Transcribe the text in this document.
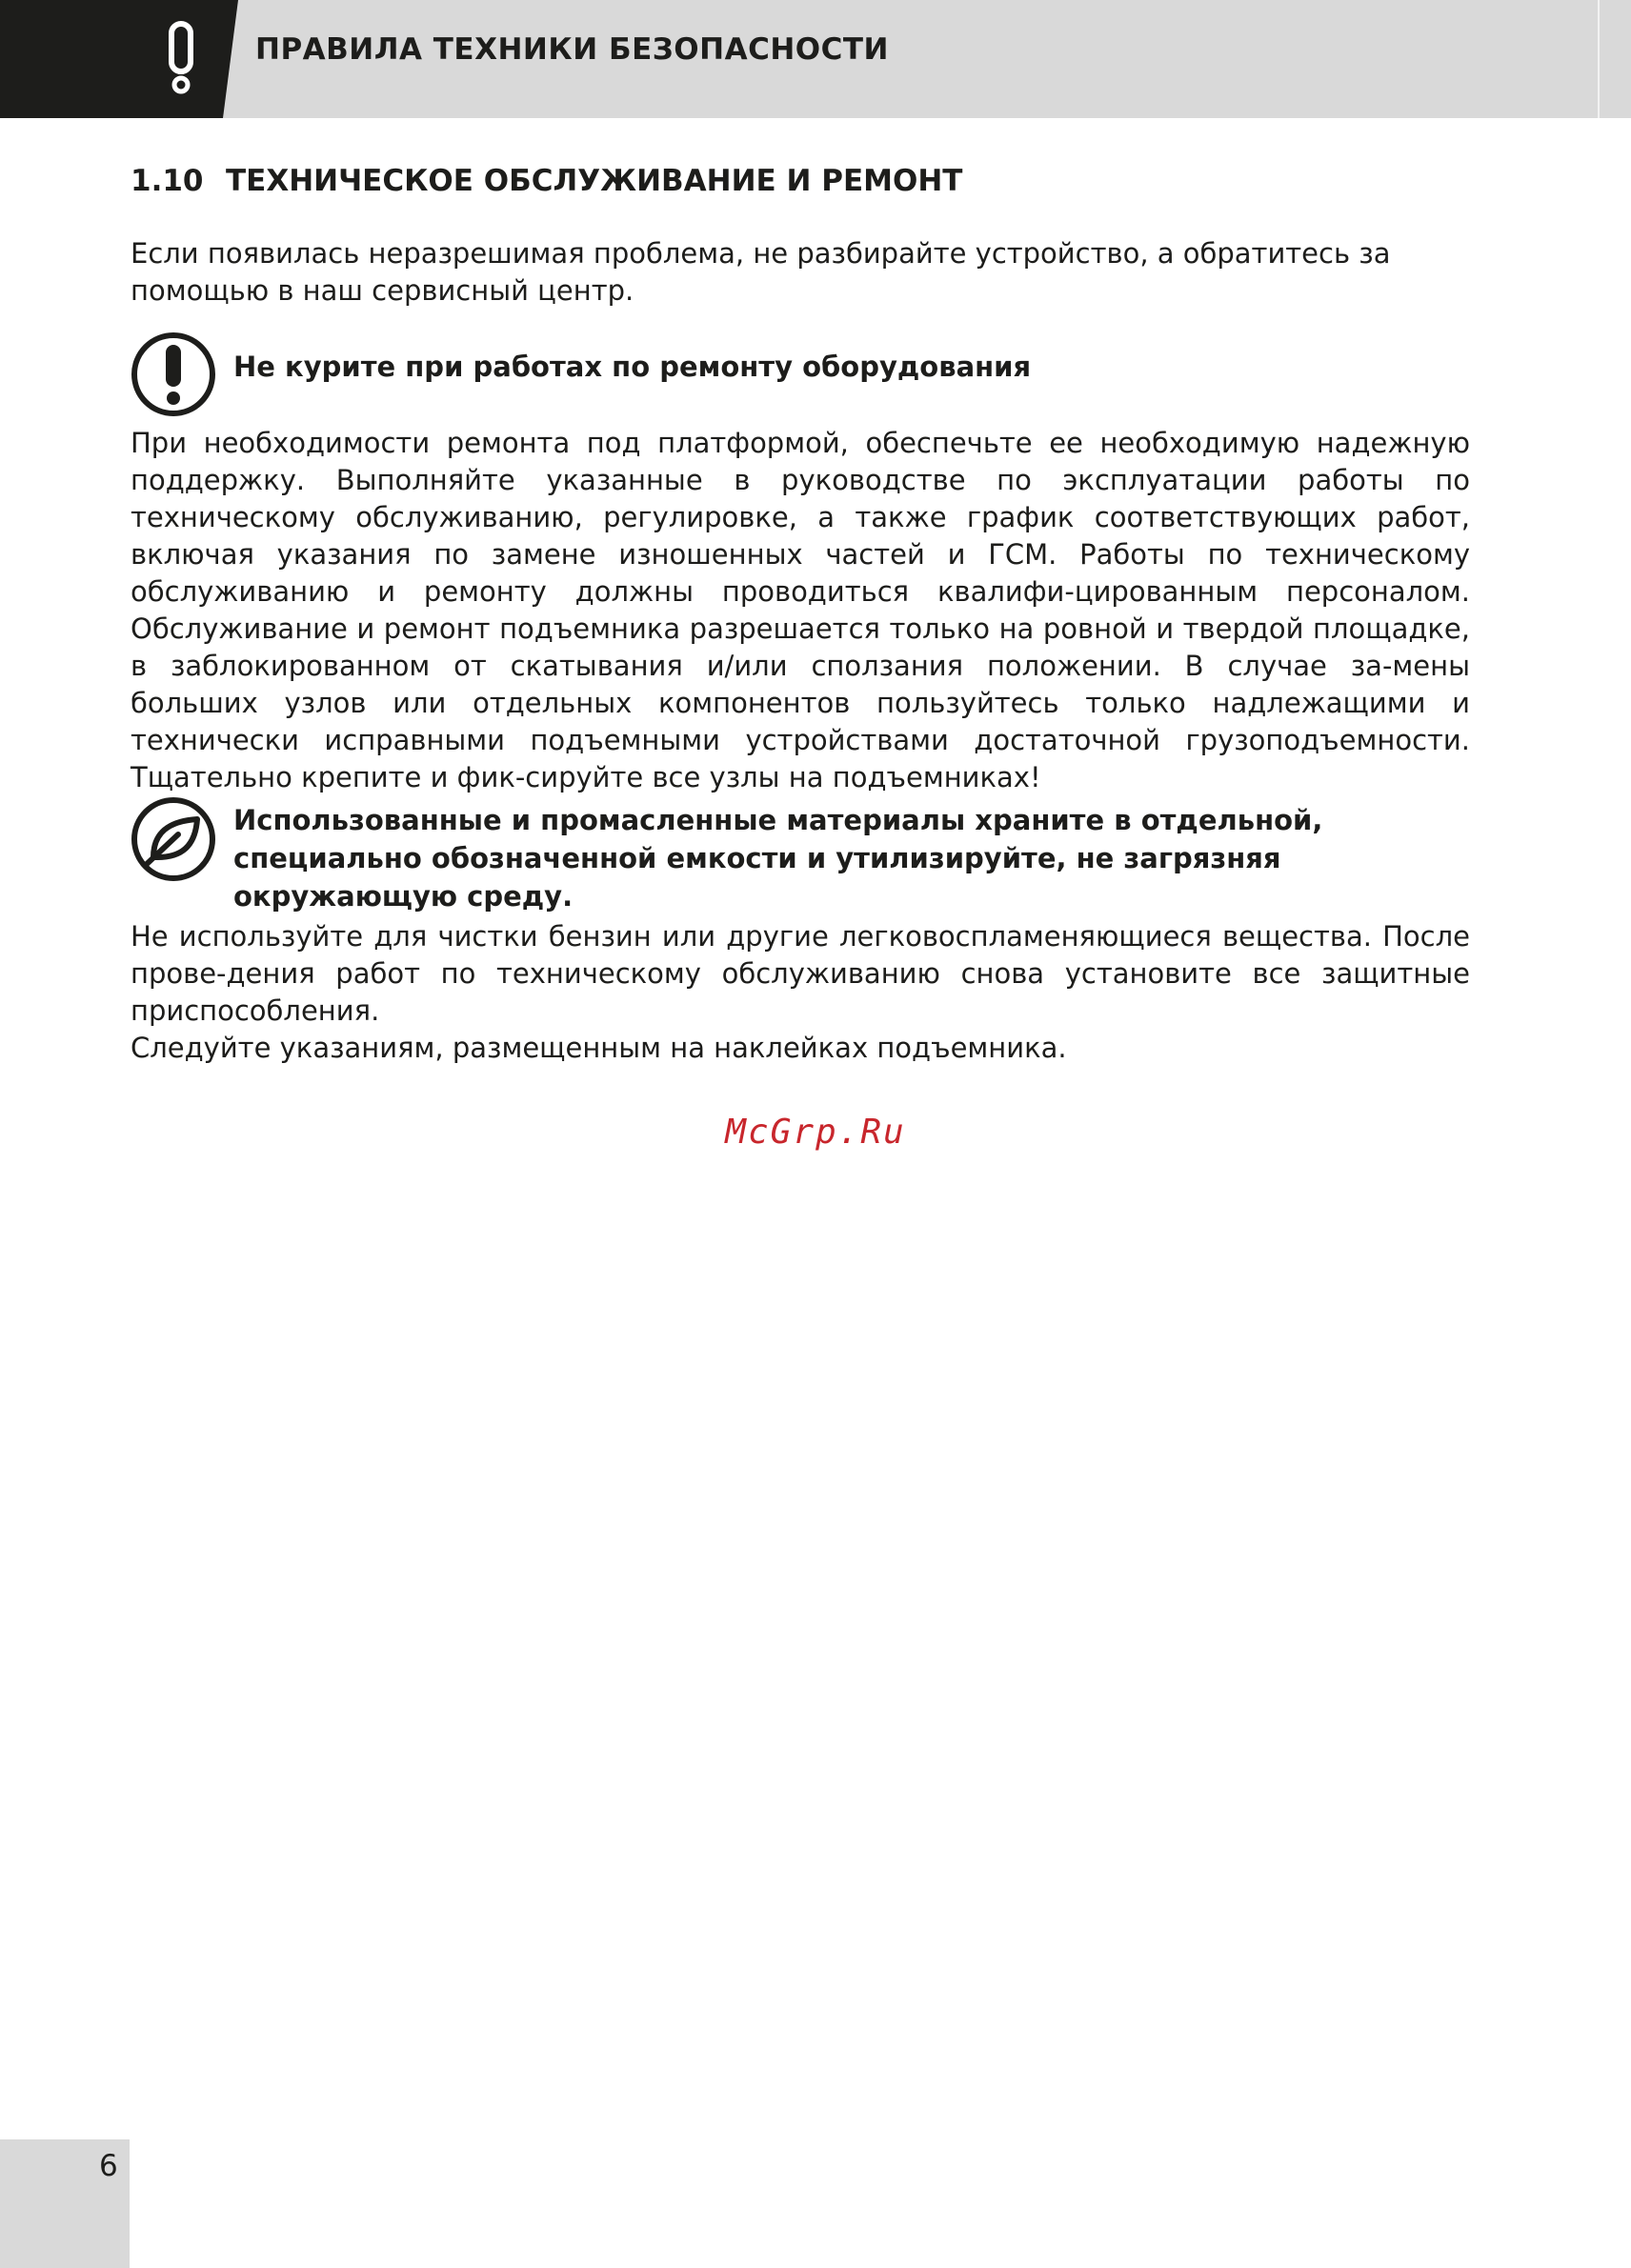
ПРАВИЛА ТЕХНИКИ БЕЗОПАСНОСТИ
1.10 ТЕХНИЧЕСКОЕ ОБСЛУЖИВАНИЕ И РЕМОНТ

Если появилась неразрешимая проблема, не разбирайте устройство, а обратитесь за помощью в наш сервисный центр.

Не курите при работах по ремонту оборудования

При необходимости ремонта под платформой, обеспечьте ее необходимую надежную поддержку. Выполняйте указанные в руководстве по эксплуатации работы по техническому обслуживанию, регулировке, а также график соответствующих работ, включая указания по замене изношенных частей и ГСМ. Работы по техническому обслуживанию и ремонту должны проводиться квалифи-цированным персоналом. Обслуживание и ремонт подъемника разрешается только на ровной и твердой площадке, в заблокированном от скатывания и/или сползания положении. В случае за-мены больших узлов или отдельных компонентов пользуйтесь только надлежащими и технически исправными подъемными устройствами достаточной грузоподъемности. Тщательно крепите и фик-сируйте все узлы на подъемниках!

Использованные и промасленные материалы храните в отдельной, специально обозначенной емкости и утилизируйте, не загрязняя окружающую среду.

Не используйте для чистки бензин или другие легковоспламеняющиеся вещества. После прове-дения работ по техническому обслуживанию снова установите все защитные приспособления.

Следуйте указаниям, размещенным на наклейках подъемника.

McGrp.Ru
6
